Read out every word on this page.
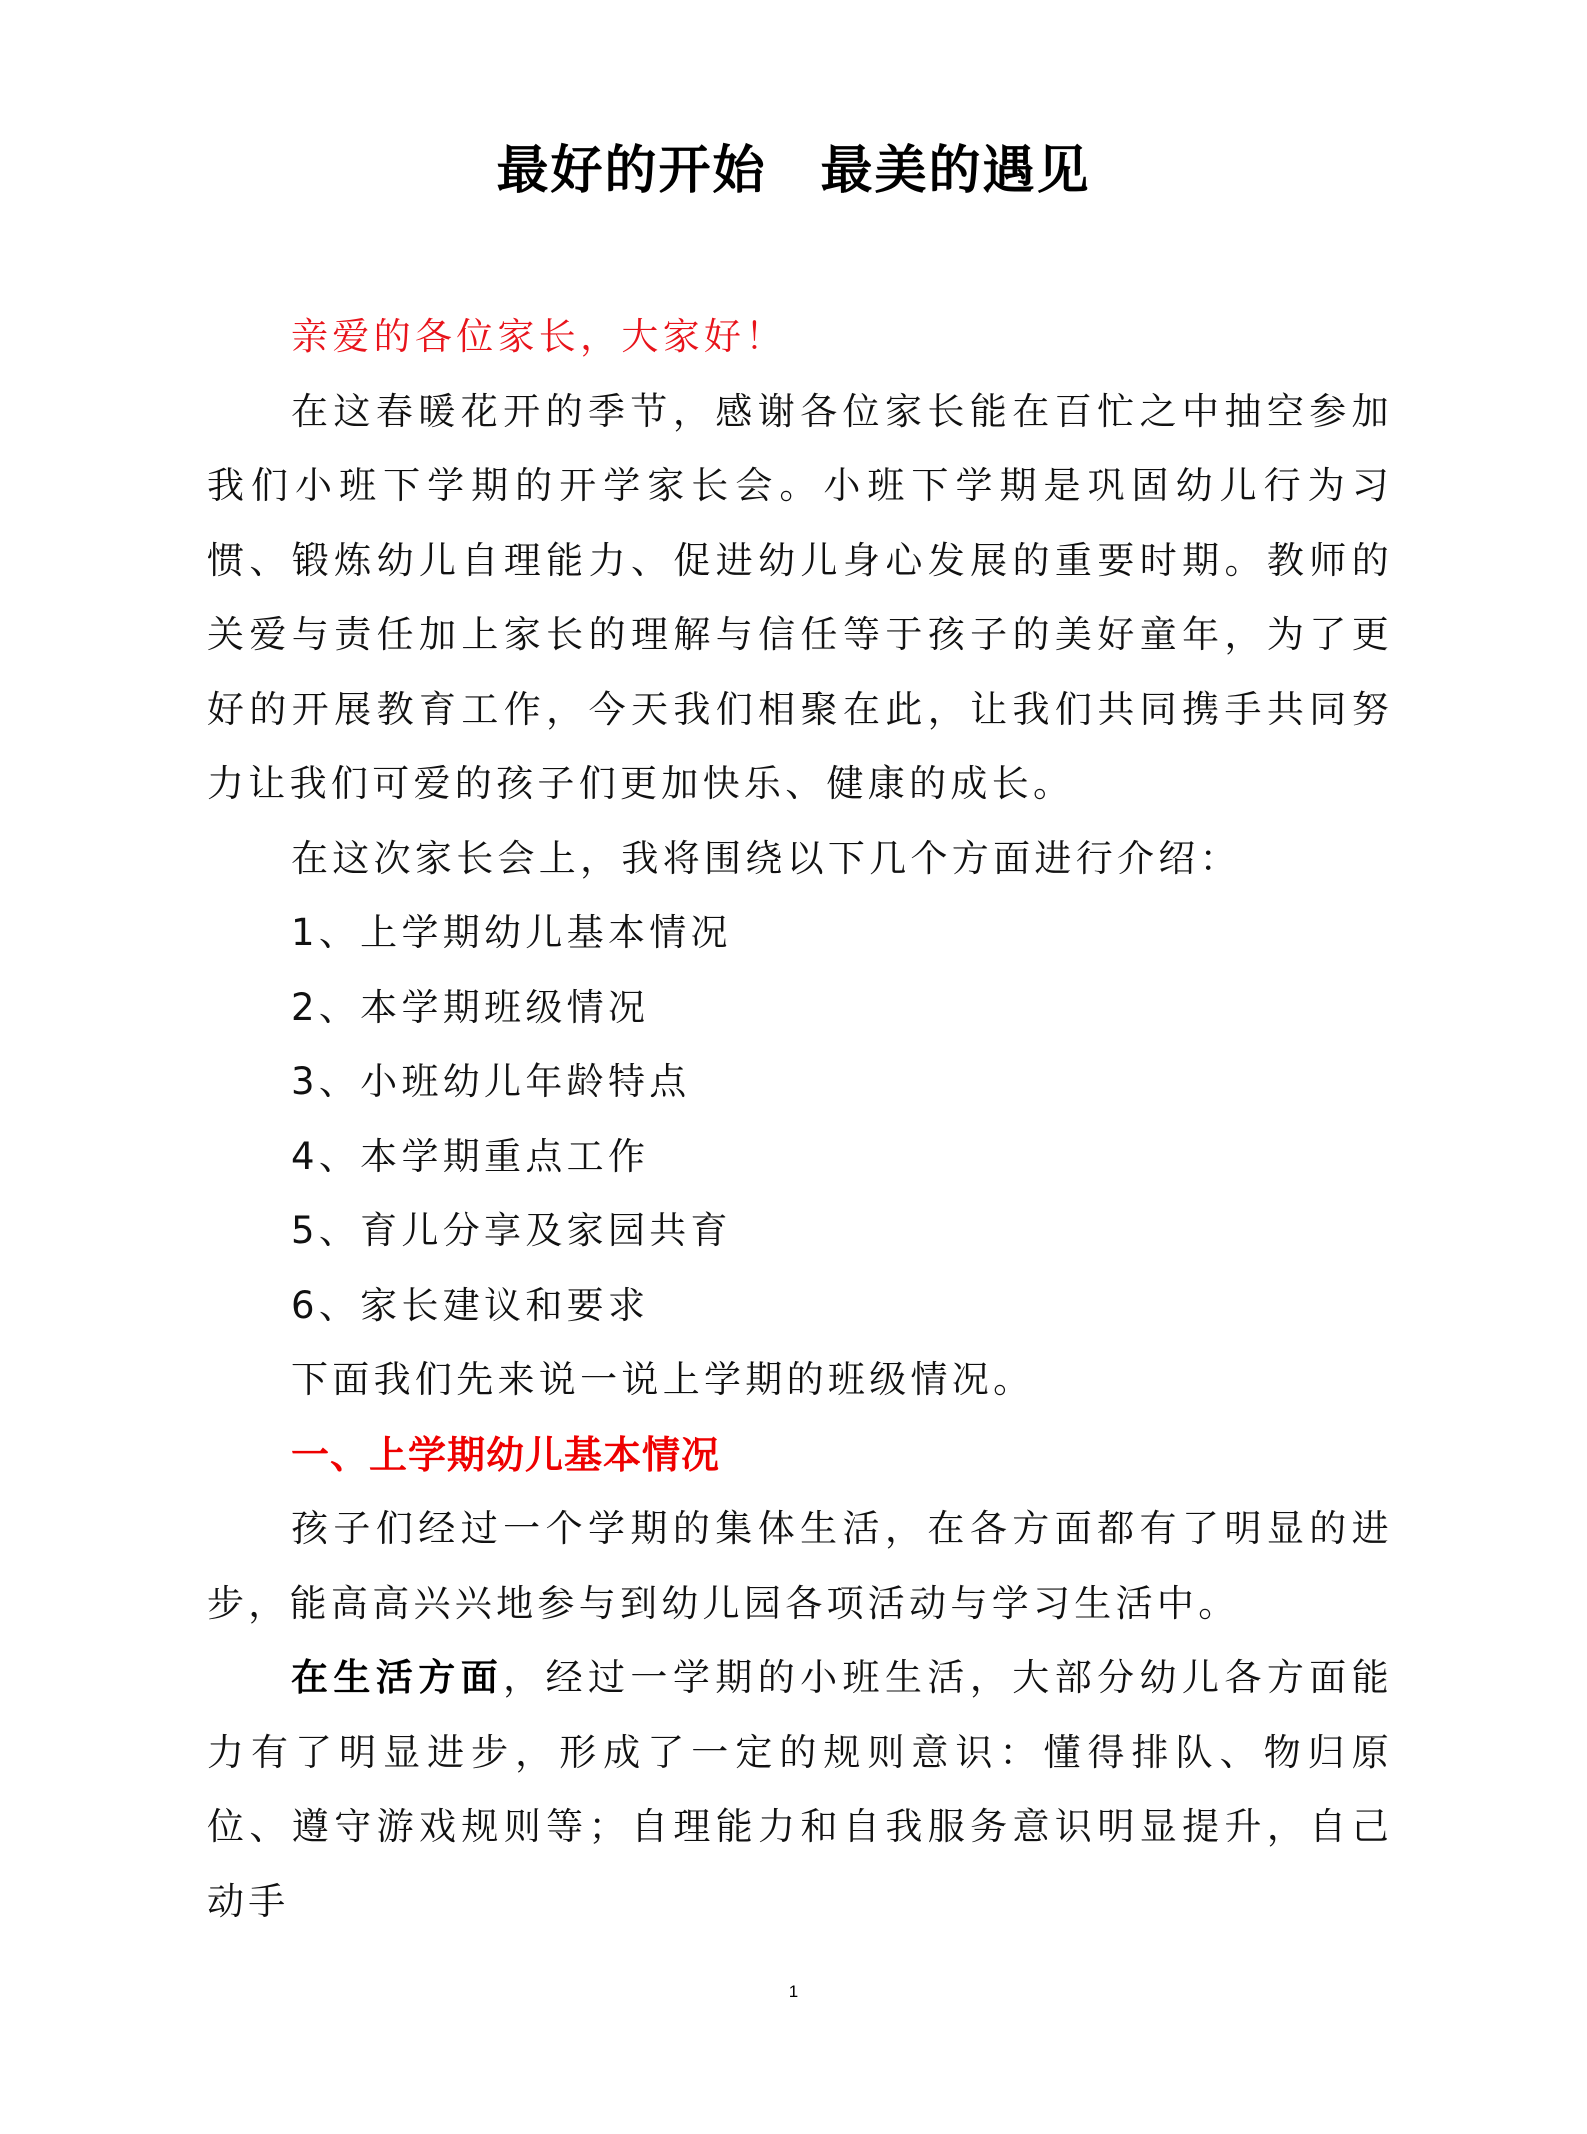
最好的开始　最美的遇见

亲爱的各位家长，大家好！

在这春暖花开的季节，感谢各位家长能在百忙之中抽空参加我们小班下学期的开学家长会。小班下学期是巩固幼儿行为习惯、锻炼幼儿自理能力、促进幼儿身心发展的重要时期。教师的关爱与责任加上家长的理解与信任等于孩子的美好童年，为了更好的开展教育工作，今天我们相聚在此，让我们共同携手共同努力让我们可爱的孩子们更加快乐、健康的成长。

在这次家长会上，我将围绕以下几个方面进行介绍：

1、上学期幼儿基本情况

2、本学期班级情况

3、小班幼儿年龄特点

4、本学期重点工作

5、育儿分享及家园共育

6、家长建议和要求

下面我们先来说一说上学期的班级情况。

一、上学期幼儿基本情况

孩子们经过一个学期的集体生活，在各方面都有了明显的进步，能高高兴兴地参与到幼儿园各项活动与学习生活中。

在生活方面，经过一学期的小班生活，大部分幼儿各方面能力有了明显进步，形成了一定的规则意识：懂得排队、物归原位、遵守游戏规则等；自理能力和自我服务意识明显提升，自己动手

1
